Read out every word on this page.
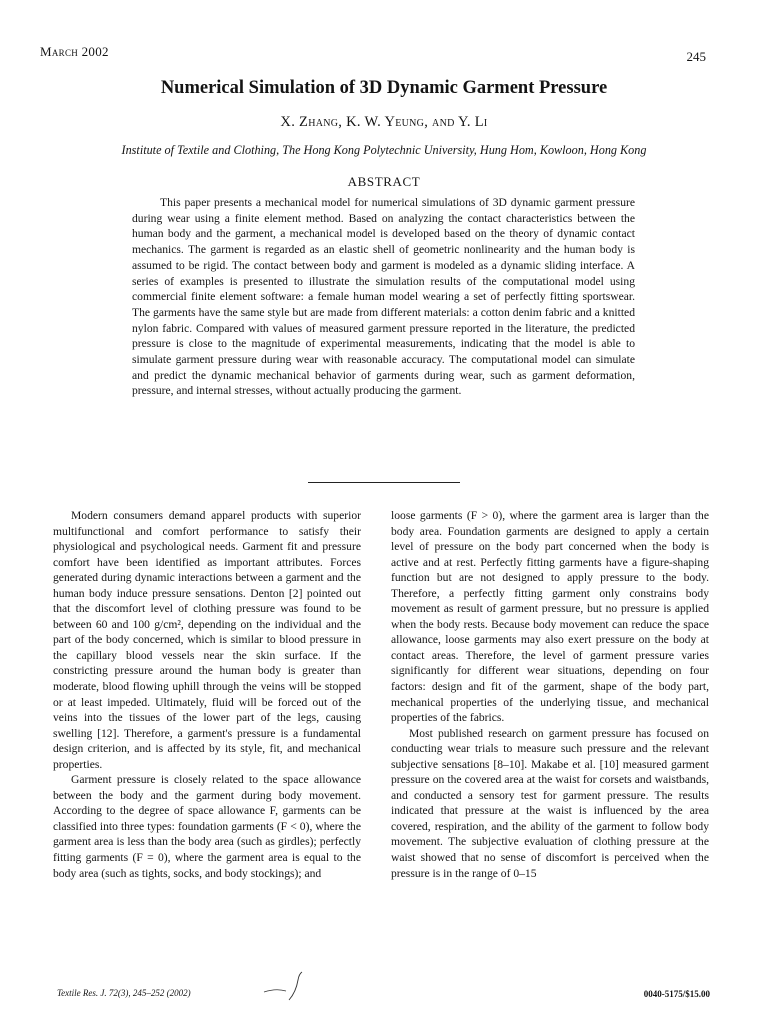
March 2002	245
Numerical Simulation of 3D Dynamic Garment Pressure
X. Zhang, K. W. Yeung, and Y. Li
Institute of Textile and Clothing, The Hong Kong Polytechnic University, Hung Hom, Kowloon, Hong Kong
ABSTRACT

This paper presents a mechanical model for numerical simulations of 3D dynamic garment pressure during wear using a finite element method. Based on analyzing the contact characteristics between the human body and the garment, a mechanical model is developed based on the theory of dynamic contact mechanics. The garment is regarded as an elastic shell of geometric nonlinearity and the human body is assumed to be rigid. The contact between body and garment is modeled as a dynamic sliding interface. A series of examples is presented to illustrate the simulation results of the computational model using commercial finite element software: a female human model wearing a set of perfectly fitting sportswear. The garments have the same style but are made from different materials: a cotton denim fabric and a knitted nylon fabric. Compared with values of measured garment pressure reported in the literature, the predicted pressure is close to the magnitude of experimental measurements, indicating that the model is able to simulate garment pressure during wear with reasonable accuracy. The computational model can simulate and predict the dynamic mechanical behavior of garments during wear, such as garment deformation, pressure, and internal stresses, without actually producing the garment.

Modern consumers demand apparel products with superior multifunctional and comfort performance to satisfy their physiological and psychological needs. Garment fit and pressure comfort have been identified as important attributes. Forces generated during dynamic interactions between a garment and the human body induce pressure sensations. Denton [2] pointed out that the discomfort level of clothing pressure was found to be between 60 and 100 g/cm², depending on the individual and the part of the body concerned, which is similar to blood pressure in the capillary blood vessels near the skin surface. If the constricting pressure around the human body is greater than moderate, blood flowing uphill through the veins will be stopped or at least impeded. Ultimately, fluid will be forced out of the veins into the tissues of the lower part of the legs, causing swelling [12]. Therefore, a garment's pressure is a fundamental design criterion, and is affected by its style, fit, and mechanical properties.

Garment pressure is closely related to the space allowance between the body and the garment during body movement. According to the degree of space allowance F, garments can be classified into three types: foundation garments (F < 0), where the garment area is less than the body area (such as girdles); perfectly fitting garments (F = 0), where the garment area is equal to the body area (such as tights, socks, and body stockings); and

loose garments (F > 0), where the garment area is larger than the body area. Foundation garments are designed to apply a certain level of pressure on the body part concerned when the body is active and at rest. Perfectly fitting garments have a figure-shaping function but are not designed to apply pressure to the body. Therefore, a perfectly fitting garment only constrains body movement as result of garment pressure, but no pressure is applied when the body rests. Because body movement can reduce the space allowance, loose garments may also exert pressure on the body at contact areas. Therefore, the level of garment pressure varies significantly for different wear situations, depending on four factors: design and fit of the garment, shape of the body part, mechanical properties of the underlying tissue, and mechanical properties of the fabrics.

Most published research on garment pressure has focused on conducting wear trials to measure such pressure and the relevant subjective sensations [8–10]. Makabe et al. [10] measured garment pressure on the covered area at the waist for corsets and waistbands, and conducted a sensory test for garment pressure. The results indicated that pressure at the waist is influenced by the area covered, respiration, and the ability of the garment to follow body movement. The subjective evaluation of clothing pressure at the waist showed that no sense of discomfort is perceived when the pressure is in the range of 0–15

Textile Res. J. 72(3), 245–252 (2002)	0040-5175/$15.00
